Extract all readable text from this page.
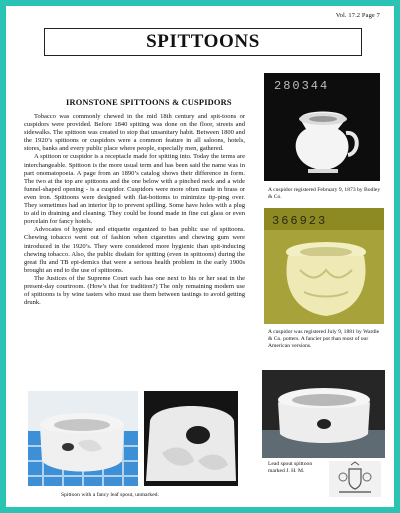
Vol. 17.2 Page 7
SPITTOONS
IRONSTONE SPITTOONS & CUSPIDORS

Tobacco was commonly chewed in the mid 18th century and spit-toons or cuspidors were provided. Before 1840 spitting was done on the floor, streets and sidewalks. The spittoon was created to stop that unsanitary habit. Between 1800 and the 1920’s spittoons or cuspidors were a common feature in all saloons, hotels, stores, banks and every public place where people, especially men, gathered.

A spittoon or cuspidor is a receptacle made for spitting into. Today the terms are interchangeable. Spittoon is the more usual term and has been said the name was in part onomatopoeia. A page from an 1890’s catalog shows their difference in form. The two at the top are spittoons and the one below with a pinched neck and a wide funnel-shaped opening - is a cuspidor. Cuspidors were more often made in brass or even iron. Spittoons were designed with flat-bottoms to minimize tip-ping over. They sometimes had an interior lip to prevent spilling. Some have holes with a plug to aid in draining and cleaning. They could be found made in fine cut glass or even porcelain for fancy hotels.

Advocates of hygiene and etiquette organized to ban public use of spittoons. Chewing tobacco went out of fashion when cigarettes and chewing gum were introduced in the 1920’s. They were considered more hygienic than spit-inducing chewing tobacco. Also, the public disdain for spitting (even in spittoons) during the great flu and TB epi-demics that were a serious health problem in the early 1900s brought an end to the use of spittoons.

The Justices of the Supreme Court each has one next to his or her seat in the present-day courtroom. (How’s that for tradition?) The only remaining modern use of spittoons is by wine tasters who must use them between tastings to avoid getting drunk.

280344
A cuspidor registered February 9, 1873 by Bodley & Co.
366923
A cuspidor was registered July 9, 1881 by Wardle & Co. potters. A fancier pot than most of our American versions.
Spittoon with a fancy leaf spout, unmarked.
Lead spout spittoon marked J. H. M.
